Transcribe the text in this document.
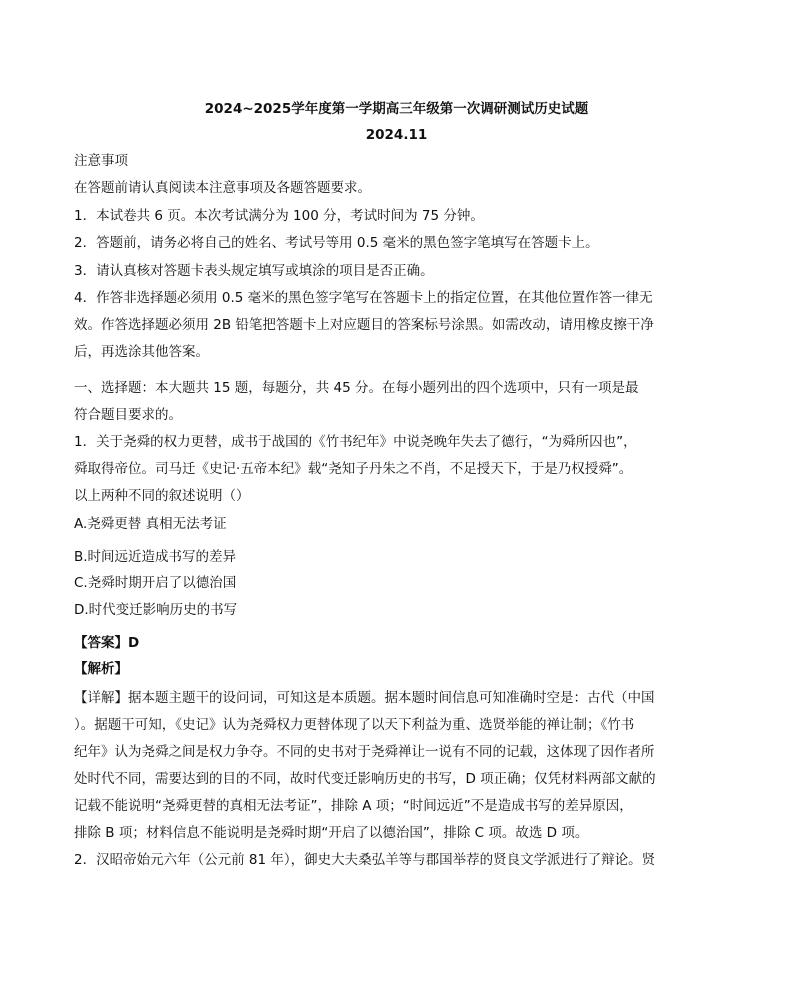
2024~2025学年度第一学期高三年级第一次调研测试历史试题
2024.11
注意事项
在答题前请认真阅读本注意事项及各题答题要求。
1．本试卷共 6 页。本次考试满分为 100 分，考试时间为 75 分钟。
2．答题前，请务必将自己的姓名、考试号等用 0.5 毫米的黑色签字笔填写在答题卡上。
3．请认真核对答题卡表头规定填写或填涂的项目是否正确。
4．作答非选择题必须用 0.5 毫米的黑色签字笔写在答题卡上的指定位置，在其他位置作答一律无
效。作答选择题必须用 2B 铅笔把答题卡上对应题目的答案标号涂黑。如需改动，请用橡皮擦干净
后，再选涂其他答案。
一、选择题：本大题共 15 题，每题分，共 45 分。在每小题列出的四个选项中，只有一项是最
符合题目要求的。
1．关于尧舜的权力更替，成书于战国的《竹书纪年》中说尧晚年失去了德行，“为舜所囚也”，
舜取得帝位。司马迁《史记·五帝本纪》载“尧知子丹朱之不肖，不足授天下，于是乃权授舜”。
以上两种不同的叙述说明（）
A.尧舜更替 真相无法考证
B.时间远近造成书写的差异
C.尧舜时期开启了以德治国
D.时代变迁影响历史的书写
【答案】D
【解析】
【详解】据本题主题干的设问词，可知这是本质题。据本题时间信息可知准确时空是：古代（中国
）。据题干可知，《史记》认为尧舜权力更替体现了以天下利益为重、选贤举能的禅让制；《竹书
纪年》认为尧舜之间是权力争夺。不同的史书对于尧舜禅让一说有不同的记载，这体现了因作者所
处时代不同，需要达到的目的不同，故时代变迁影响历史的书写，D 项正确；仅凭材料两部文献的
记载不能说明“尧舜更替的真相无法考证”，排除 A 项；“时间远近”不是造成书写的差异原因，
排除 B 项；材料信息不能说明是尧舜时期“开启了以德治国”，排除 C 项。故选 D 项。
2．汉昭帝始元六年（公元前 81 年），御史大夫桑弘羊等与郡国举荐的贤良文学派进行了辩论。贤
